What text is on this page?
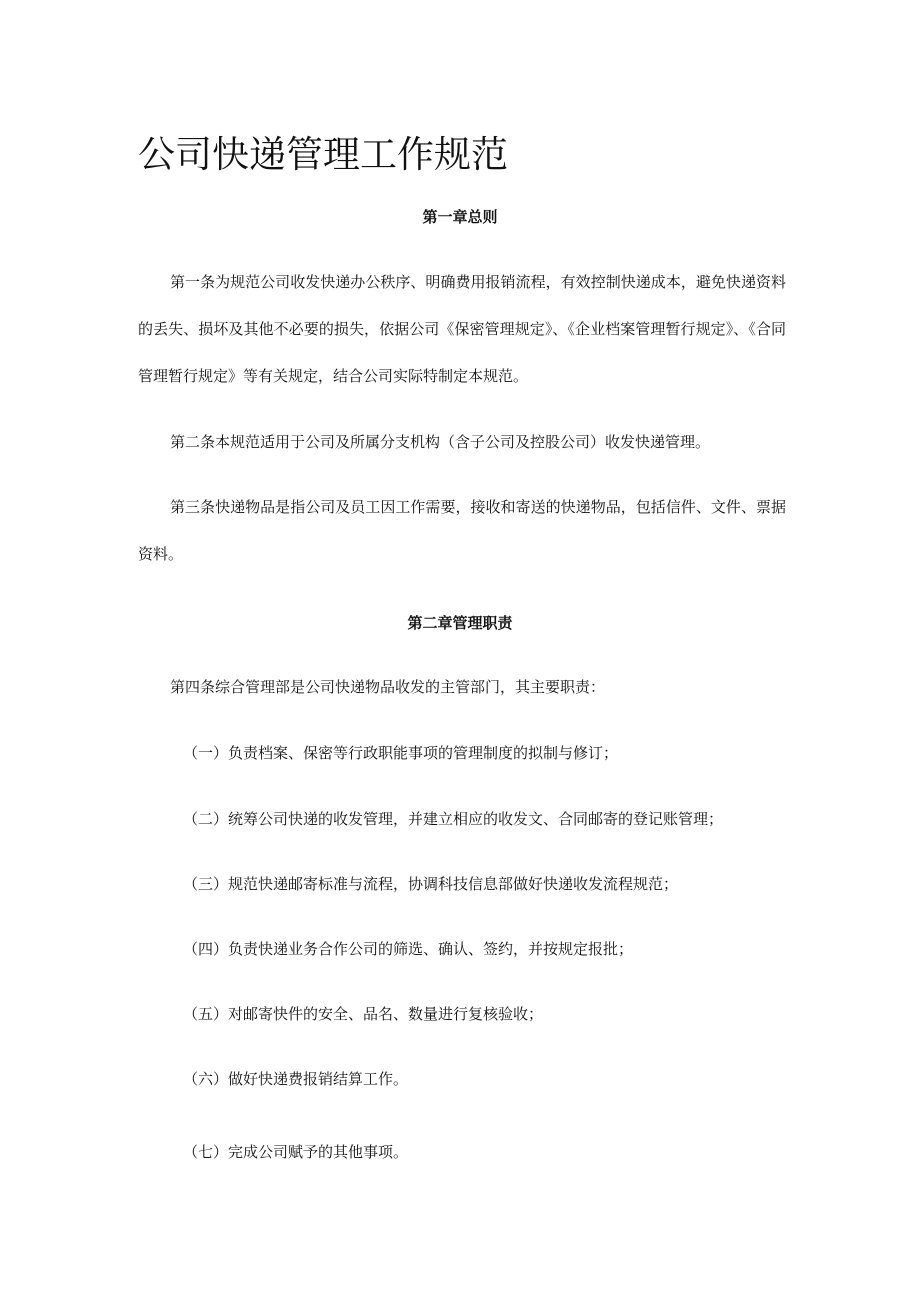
公司快递管理工作规范
第一章总则

第一条为规范公司收发快递办公秩序、明确费用报销流程，有效控制快递成本，避免快递资料的丢失、损坏及其他不必要的损失，依据公司《保密管理规定》、《企业档案管理暂行规定》、《合同管理暂行规定》等有关规定，结合公司实际特制定本规范。

第二条本规范适用于公司及所属分支机构（含子公司及控股公司）收发快递管理。

第三条快递物品是指公司及员工因工作需要，接收和寄送的快递物品，包括信件、文件、票据资料。

第二章管理职责

第四条综合管理部是公司快递物品收发的主管部门，其主要职责：

（一）负责档案、保密等行政职能事项的管理制度的拟制与修订；

（二）统筹公司快递的收发管理，并建立相应的收发文、合同邮寄的登记账管理；

（三）规范快递邮寄标准与流程，协调科技信息部做好快递收发流程规范；

（四）负责快递业务合作公司的筛选、确认、签约，并按规定报批；

（五）对邮寄快件的安全、品名、数量进行复核验收；

（六）做好快递费报销结算工作。

（七）完成公司赋予的其他事项。
